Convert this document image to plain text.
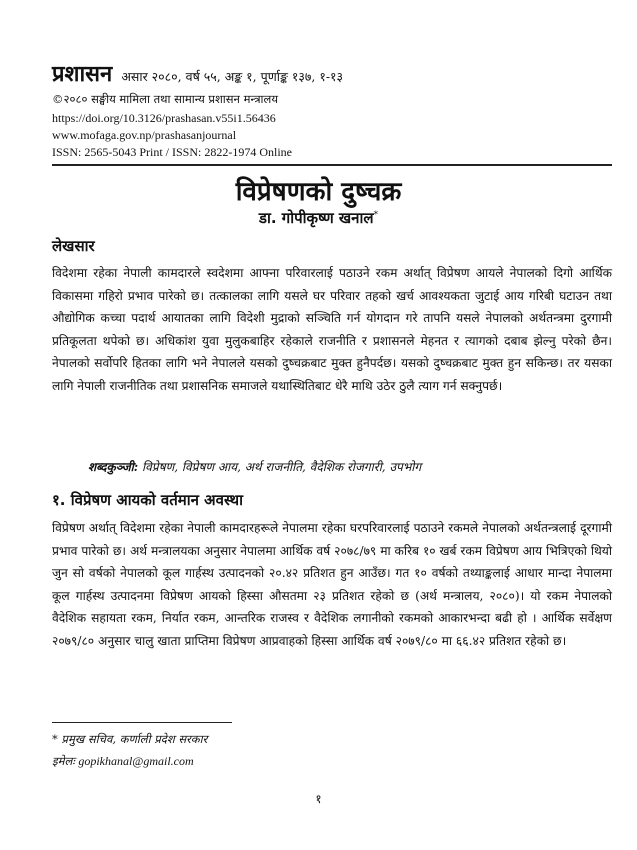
प्रशासन असार २०८०, वर्ष ५५, अङ्क १, पूर्णाङ्क १३७, १-१३
©२०८० सङ्घीय मामिला तथा सामान्य प्रशासन मन्त्रालय
https://doi.org/10.3126/prashasan.v55i1.56436
www.mofaga.gov.np/prashasanjournal
ISSN: 2565-5043 Print / ISSN: 2822-1974 Online
विप्रेषणको दुष्चक्र
डा. गोपीकृष्ण खनाल*
लेखसार
विदेशमा रहेका नेपाली कामदारले स्वदेशमा आफ्ना परिवारलाई पठाउने रकम अर्थात् विप्रेषण आयले नेपालको दिगो आर्थिक विकासमा गहिरो प्रभाव पारेको छ। तत्कालका लागि यसले घर परिवार तहको खर्च आवश्यकता जुटाई आय गरिबी घटाउन तथा औद्योगिक कच्चा पदार्थ आयातका लागि विदेशी मुद्राको सञ्चिति गर्न योगदान गरे तापनि यसले नेपालको अर्थतन्त्रमा दुरगामी प्रतिकूलता थपेको छ। अधिकांश युवा मुलुकबाहिर रहेकाले राजनीति र प्रशासनले मेहनत र त्यागको दबाब झेल्नु परेको छैन। नेपालको सर्वोपरि हितका लागि भने नेपालले यसको दुष्चक्रबाट मुक्त हुनैपर्दछ। यसको दुष्चक्रबाट मुक्त हुन सकिन्छ। तर यसका लागि नेपाली राजनीतिक तथा प्रशासनिक समाजले यथास्थितिबाट धेरै माथि उठेर ठुलै त्याग गर्न सक्नुपर्छ।
शब्दकुञ्जी: विप्रेषण, विप्रेषण आय, अर्थ राजनीति, वैदेशिक रोजगारी, उपभोग
१. विप्रेषण आयको वर्तमान अवस्था
विप्रेषण अर्थात् विदेशमा रहेका नेपाली कामदारहरूले नेपालमा रहेका घरपरिवारलाई पठाउने रकमले नेपालको अर्थतन्त्रलाई दूरगामी प्रभाव पारेको छ। अर्थ मन्त्रालयका अनुसार नेपालमा आर्थिक वर्ष २०७८/७९ मा करिब १० खर्ब रकम विप्रेषण आय भित्रिएको थियो जुन सो वर्षको नेपालको कूल गार्हस्थ उत्पादनको २०.४२ प्रतिशत हुन आउँछ। गत १० वर्षको तथ्याङ्कलाई आधार मान्दा नेपालमा कूल गार्हस्थ उत्पादनमा विप्रेषण आयको हिस्सा औसतमा २३ प्रतिशत रहेको छ (अर्थ मन्त्रालय, २०८०)। यो रकम नेपालको वैदेशिक सहायता रकम, निर्यात रकम, आन्तरिक राजस्व र वैदेशिक लगानीको रकमको आकारभन्दा बढी हो । आर्थिक सर्वेक्षण २०७९/८० अनुसार चालु खाता प्राप्तिमा विप्रेषण आप्रवाहको हिस्सा आर्थिक वर्ष २०७९/८० मा ६६.४२ प्रतिशत रहेको छ।
* प्रमुख सचिव, कर्णाली प्रदेश सरकार
इमेलः gopikhanal@gmail.com
१
